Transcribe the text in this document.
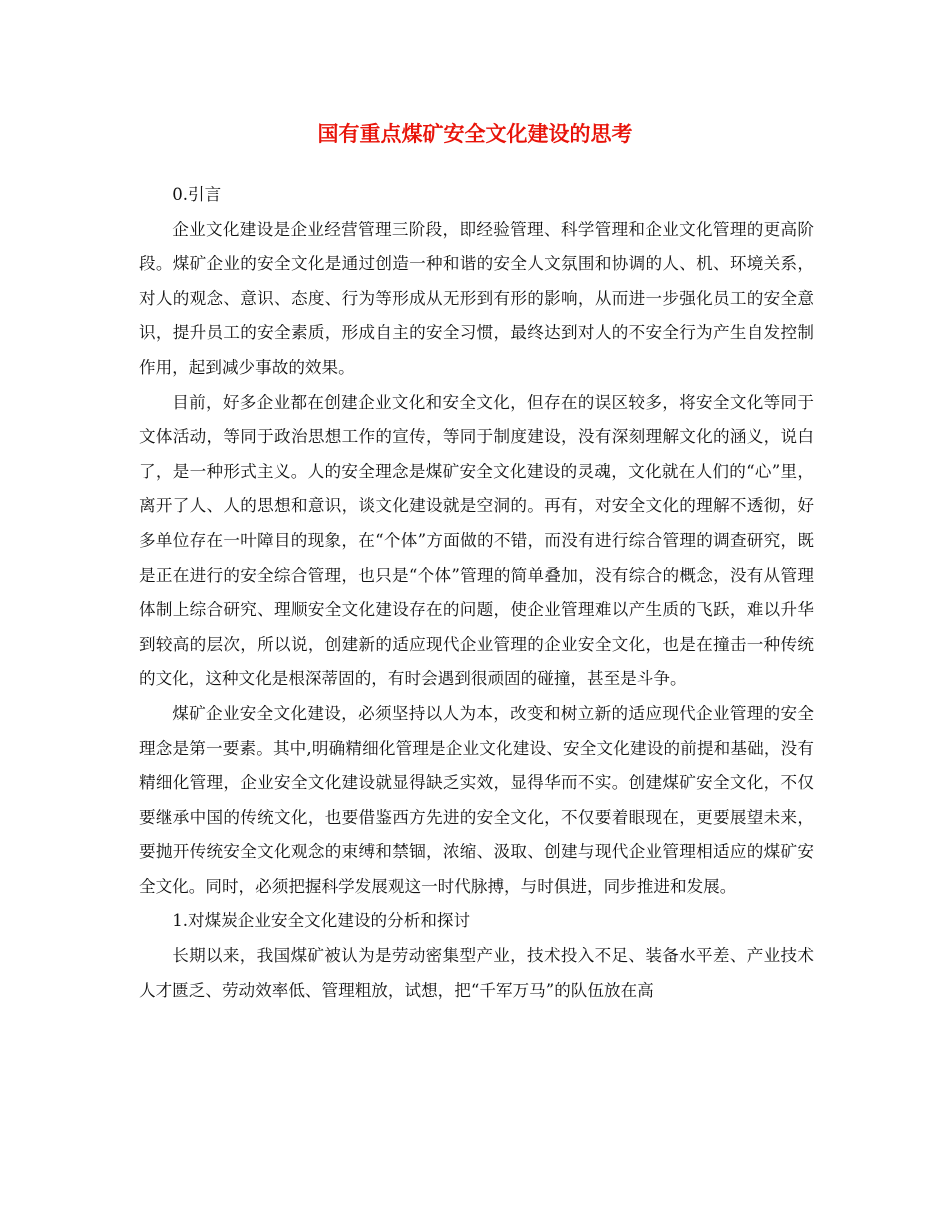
国有重点煤矿安全文化建设的思考

0.引言

企业文化建设是企业经营管理三阶段，即经验管理、科学管理和企业文化管理的更高阶段。煤矿企业的安全文化是通过创造一种和谐的安全人文氛围和协调的人、机、环境关系，对人的观念、意识、态度、行为等形成从无形到有形的影响，从而进一步强化员工的安全意识，提升员工的安全素质，形成自主的安全习惯，最终达到对人的不安全行为产生自发控制作用，起到减少事故的效果。

目前，好多企业都在创建企业文化和安全文化，但存在的误区较多，将安全文化等同于文体活动，等同于政治思想工作的宣传，等同于制度建设，没有深刻理解文化的涵义，说白了，是一种形式主义。人的安全理念是煤矿安全文化建设的灵魂，文化就在人们的“心”里，离开了人、人的思想和意识，谈文化建设就是空洞的。再有，对安全文化的理解不透彻，好多单位存在一叶障目的现象，在“个体”方面做的不错，而没有进行综合管理的调查研究，既是正在进行的安全综合管理，也只是“个体”管理的简单叠加，没有综合的概念，没有从管理体制上综合研究、理顺安全文化建设存在的问题，使企业管理难以产生质的飞跃，难以升华到较高的层次，所以说，创建新的适应现代企业管理的企业安全文化，也是在撞击一种传统的文化，这种文化是根深蒂固的，有时会遇到很顽固的碰撞，甚至是斗争。

煤矿企业安全文化建设，必须坚持以人为本，改变和树立新的适应现代企业管理的安全理念是第一要素。其中,明确精细化管理是企业文化建设、安全文化建设的前提和基础，没有精细化管理，企业安全文化建设就显得缺乏实效，显得华而不实。创建煤矿安全文化，不仅要继承中国的传统文化，也要借鉴西方先进的安全文化，不仅要着眼现在，更要展望未来，要抛开传统安全文化观念的束缚和禁锢，浓缩、汲取、创建与现代企业管理相适应的煤矿安全文化。同时，必须把握科学发展观这一时代脉搏，与时俱进，同步推进和发展。

1.对煤炭企业安全文化建设的分析和探讨

长期以来，我国煤矿被认为是劳动密集型产业，技术投入不足、装备水平差、产业技术人才匮乏、劳动效率低、管理粗放，试想，把“千军万马”的队伍放在高
